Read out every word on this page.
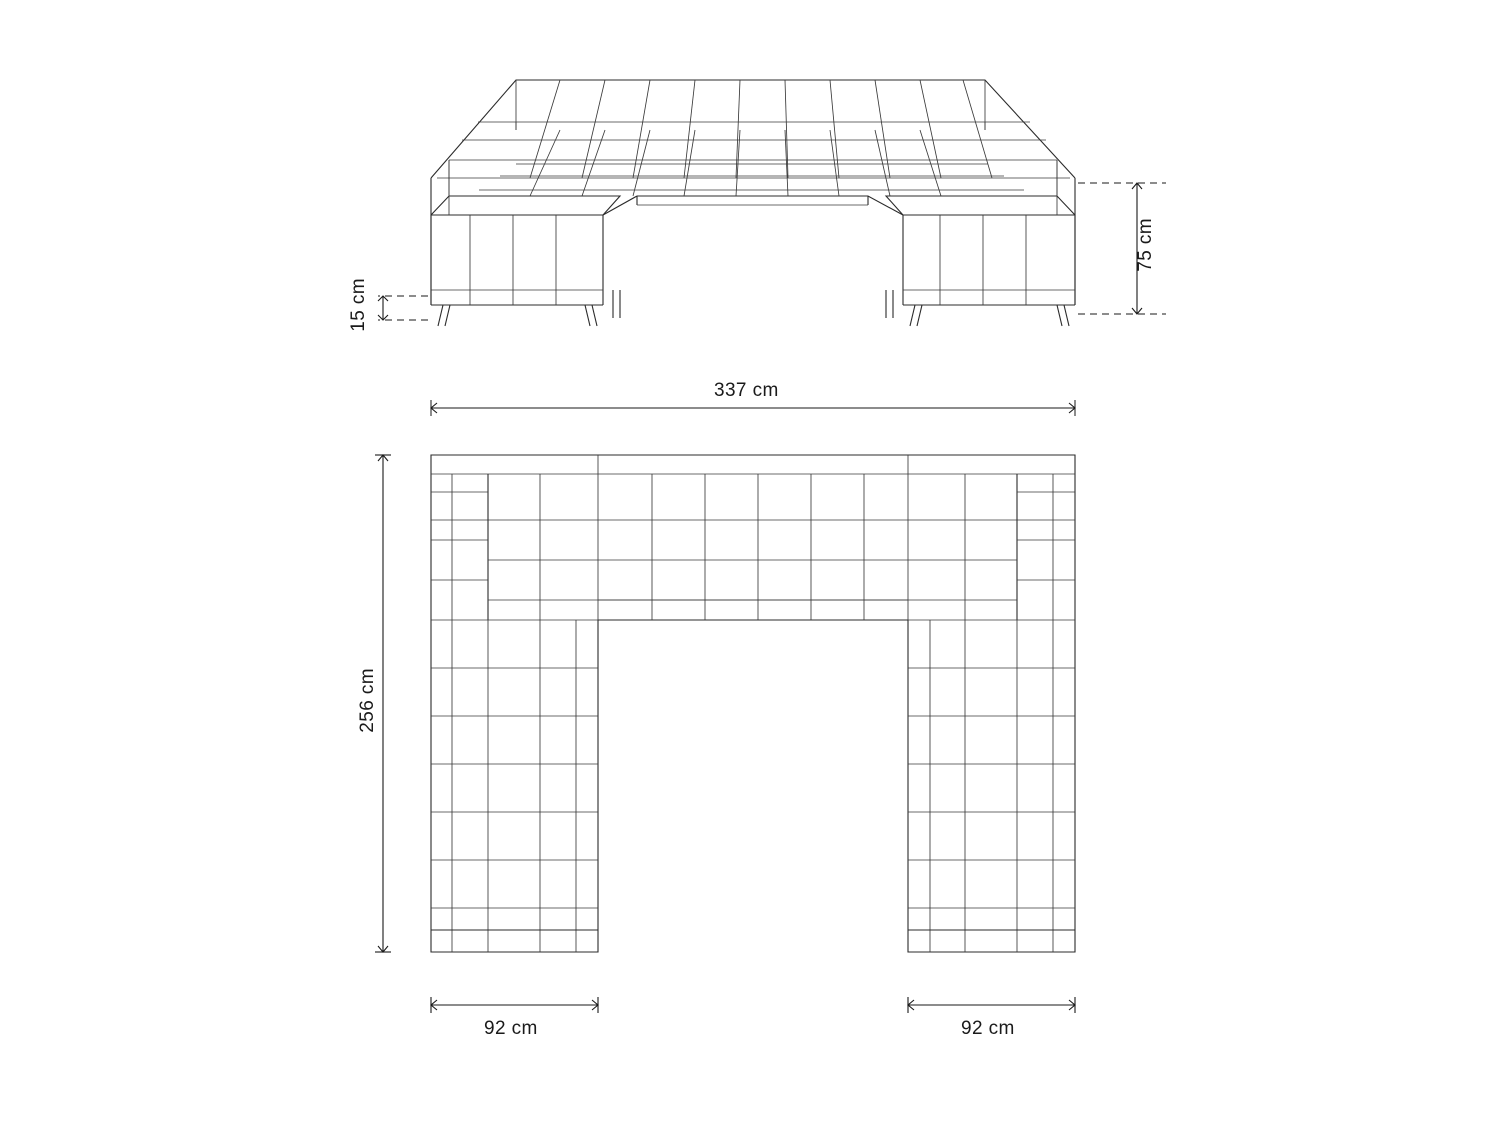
75 cm
15 cm
337 cm
256 cm
92 cm	92 cm
